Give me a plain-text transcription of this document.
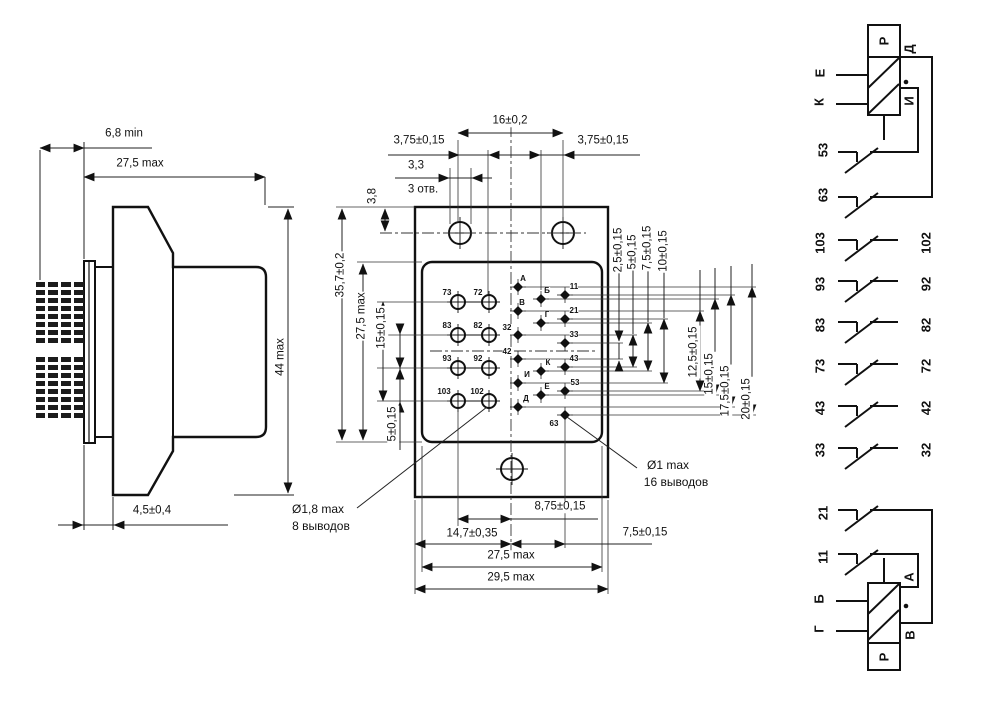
6,8 min
27,5 max
44 max
4,5±0,4
16±0,2
3,75±0,15	3,75±0,15
3,3
3 отв.
3,8
35,7±0,2
27,5 max 15±0,15
5±0,15
2,5±0,15 5±0,15 7,5±0,15 10±0,15
12,5±0,15 15±0,15 17,5±0,15 20±0,15
8,75±0,15
14,7±0,35	7,5±0,15
27,5 max
29,5 max
Ø1,8 max
8 выводов
Ø1 max
16 выводов
73	72
83	82
93	92
103 102
А
Б
В
Г
32
42
И
К
Е
Д
11
21
33
43
53
63
Е
К
Д
И
53
63
103	102
93	92
83	82
73	72
43	42
33	32
21
11
Б
Г
А
В
Р
Р
